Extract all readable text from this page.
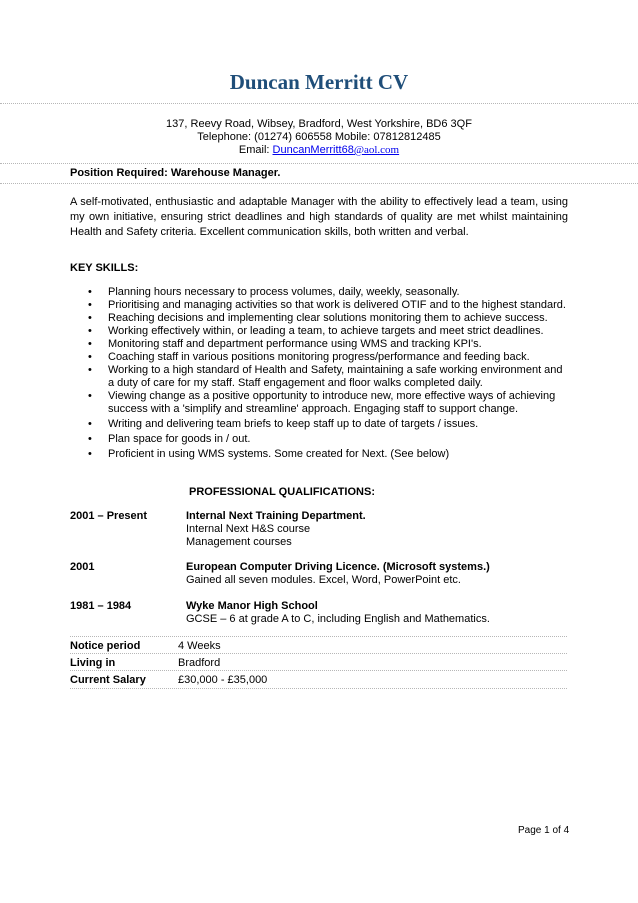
Duncan Merritt CV
137, Reevy Road, Wibsey, Bradford, West Yorkshire, BD6 3QF
Telephone: (01274) 606558 Mobile: 07812812485
Email: DuncanMerritt68@aol.com
Position Required: Warehouse Manager.

A self-motivated, enthusiastic and adaptable Manager with the ability to effectively lead a team, using my own initiative, ensuring strict deadlines and high standards of quality are met whilst maintaining Health and Safety criteria. Excellent communication skills, both written and verbal.

KEY SKILLS:
• Planning hours necessary to process volumes, daily, weekly, seasonally.
• Prioritising and managing activities so that work is delivered OTIF and to the highest standard.
• Reaching decisions and implementing clear solutions monitoring them to achieve success.
• Working effectively within, or leading a team, to achieve targets and meet strict deadlines.
• Monitoring staff and department performance using WMS and tracking KPI's.
• Coaching staff in various positions monitoring progress/performance and feeding back.
• Working to a high standard of Health and Safety, maintaining a safe working environment and a duty of care for my staff. Staff engagement and floor walks completed daily.
• Viewing change as a positive opportunity to introduce new, more effective ways of achieving success with a 'simplify and streamline' approach. Engaging staff to support change.
• Writing and delivering team briefs to keep staff up to date of targets / issues.
• Plan space for goods in / out.
• Proficient in using WMS systems. Some created for Next. (See below)
PROFESSIONAL QUALIFICATIONS:
2001 – Present	Internal Next Training Department.
Internal Next H&S course
Management courses
2001	European Computer Driving Licence. (Microsoft systems.)
Gained all seven modules. Excel, Word, PowerPoint etc.
1981 – 1984	Wyke Manor High School
GCSE – 6 at grade A to C, including English and Mathematics.
Notice period	4 Weeks
Living in	Bradford
Current Salary	£30,000 - £35,000
Page 1 of 4
